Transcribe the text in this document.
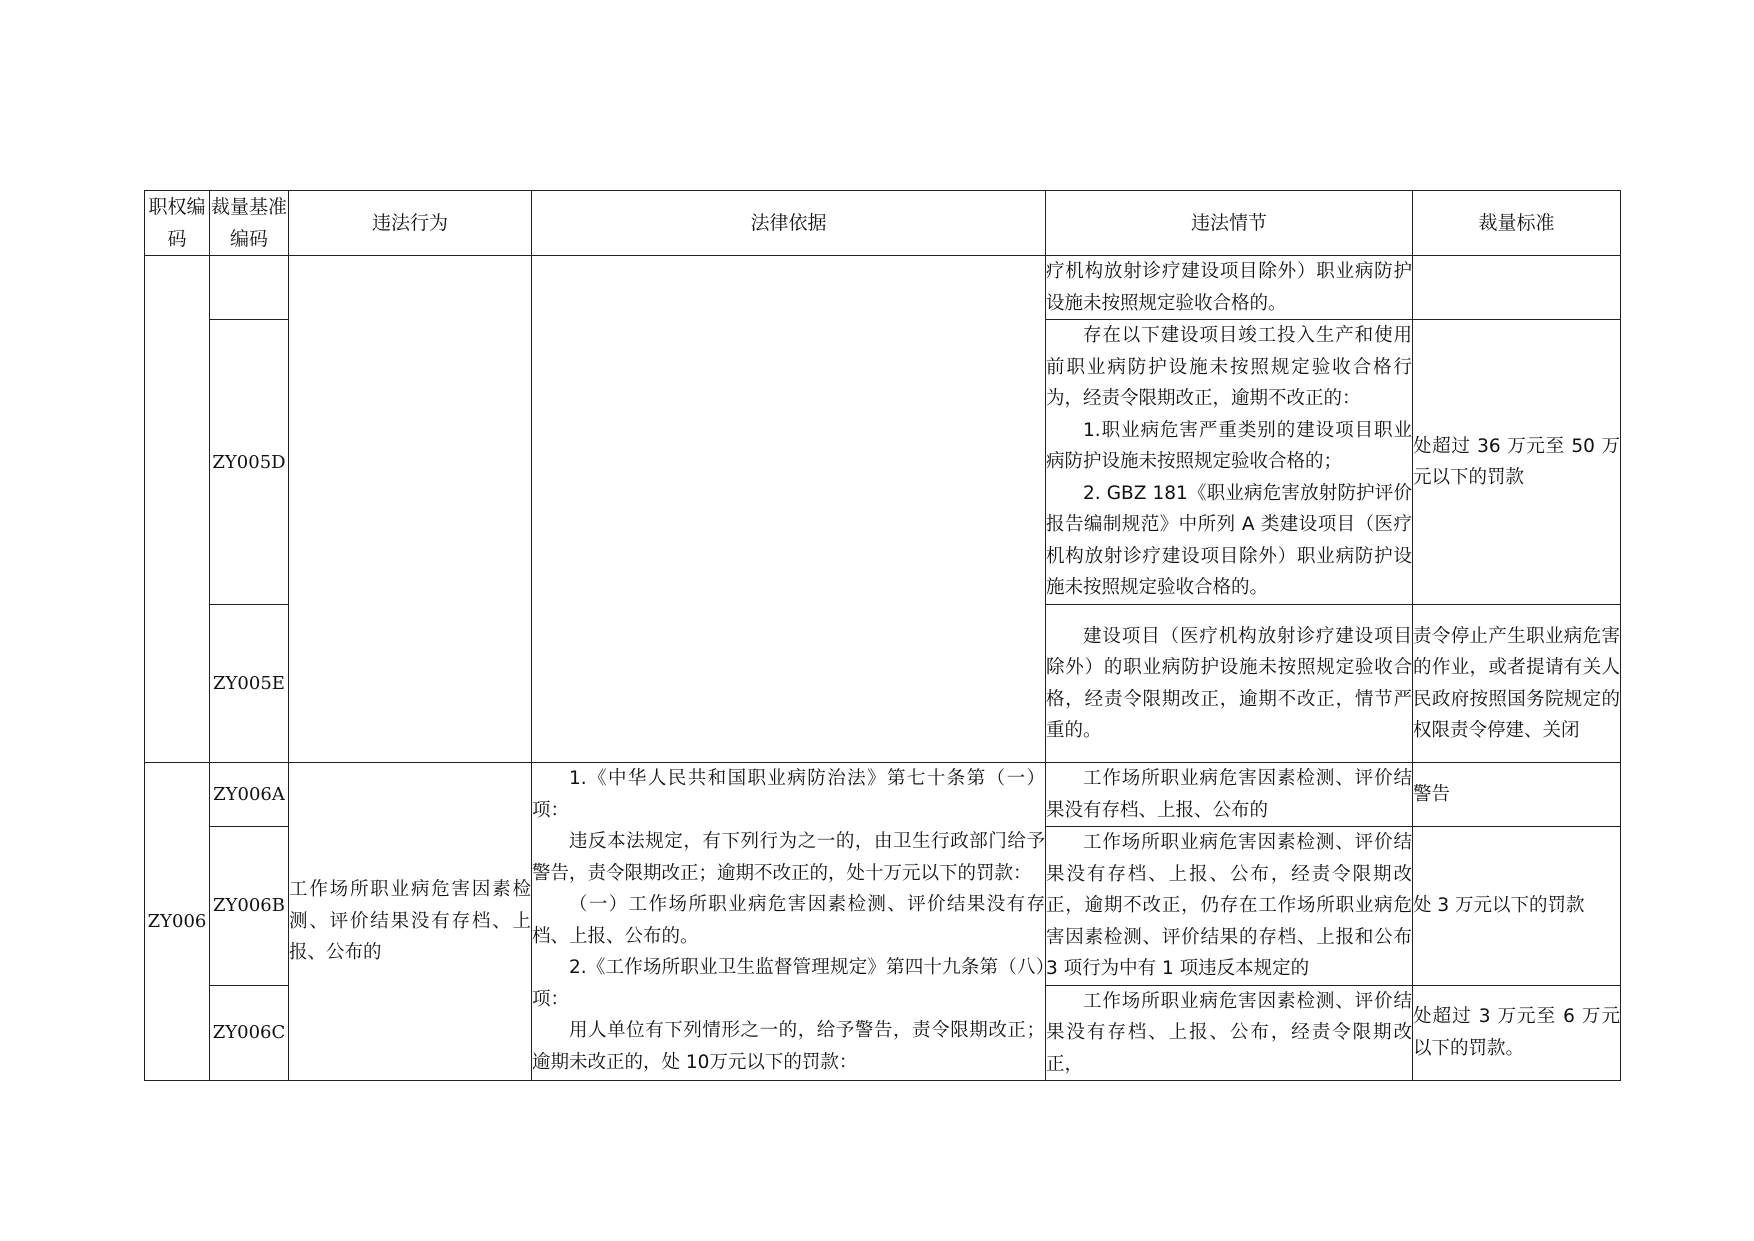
职权编码	裁量基准编码	违法行为	法律依据	违法情节	裁量标准

				疗机构放射诊疗建设项目除外）职业病防护设施未按照规定验收合格的。	

	ZY005D			存在以下建设项目竣工投入生产和使用前职业病防护设施未按照规定验收合格行为，经责令限期改正，逾期不改正的：
1.职业病危害严重类别的建设项目职业病防护设施未按照规定验收合格的；
2. GBZ 181《职业病危害放射防护评价报告编制规范》中所列 A 类建设项目（医疗机构放射诊疗建设项目除外）职业病防护设施未按照规定验收合格的。	处超过 36 万元至 50 万元以下的罚款
	ZY005E			建设项目（医疗机构放射诊疗建设项目除外）的职业病防护设施未按照规定验收合格，经责令限期改正，逾期不改正，情节严重的。	责令停止产生职业病危害的作业，或者提请有关人民政府按照国务院规定的权限责令停建、关闭
ZY006	ZY006A	工作场所职业病危害因素检测、评价结果没有存档、上报、公布的	1.《中华人民共和国职业病防治法》第七十条第（一）项：
违反本法规定，有下列行为之一的，由卫生行政部门给予警告，责令限期改正；逾期不改正的，处十万元以下的罚款：
（一）工作场所职业病危害因素检测、评价结果没有存档、上报、公布的。
2.《工作场所职业卫生监督管理规定》第四十九条第（八）项：
用人单位有下列情形之一的，给予警告，责令限期改正；逾期未改正的，处 10万元以下的罚款：	工作场所职业病危害因素检测、评价结果没有存档、上报、公布的	警告
	ZY006B			工作场所职业病危害因素检测、评价结果没有存档、上报、公布，经责令限期改正，逾期不改正，仍存在工作场所职业病危害因素检测、评价结果的存档、上报和公布 3 项行为中有 1 项违反本规定的	处 3 万元以下的罚款
	ZY006C			工作场所职业病危害因素检测、评价结果没有存档、上报、公布，经责令限期改正，	处超过 3 万元至 6 万元以下的罚款。
